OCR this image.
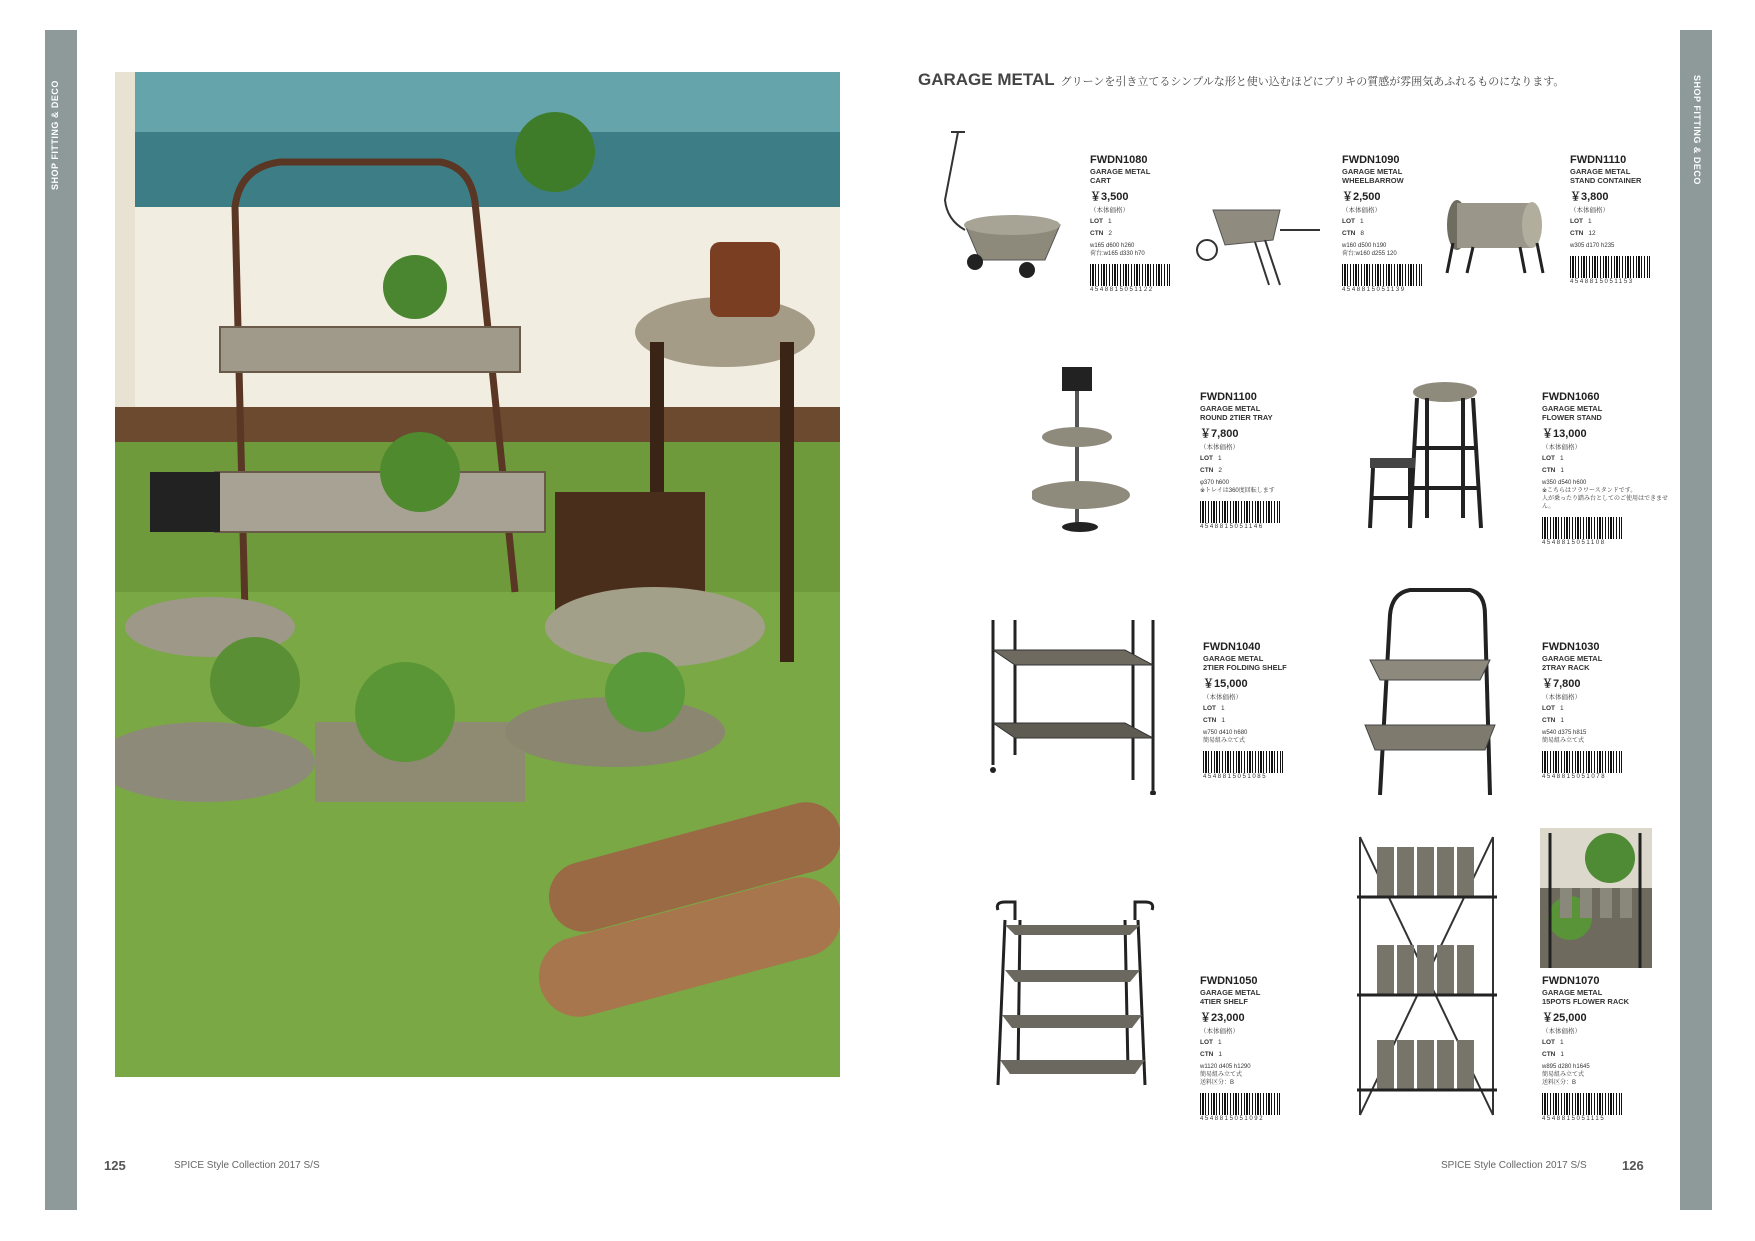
SHOP FITTING & DECO	SHOP FITTING & DECO
125	SPICE Style Collection 2017 S/S	SPICE Style Collection 2017 S/S	126
GARAGE METAL グリーンを引き立てるシンプルな形と使い込むほどにブリキの質感が雰囲気あふれるものになります。
FWDN1080
GARAGE METAL
CART
￥3,500
（本体価格）
LOT 1
CTN 2
w165 d600 h260
荷台:w165 d330 h70
4548815051122
FWDN1090
GARAGE METAL
WHEELBARROW
￥2,500
（本体価格）
LOT 1
CTN 8
w160 d500 h190
荷台:w160 d255 120
4548815051139
FWDN1110
GARAGE METAL
STAND CONTAINER
￥3,800
（本体価格）
LOT 1
CTN 12
w305 d170 h235
4548815051153
FWDN1100
GARAGE METAL
ROUND 2TIER TRAY
￥7,800
（本体価格）
LOT 1
CTN 2
φ370 h600
※トレイは360度回転します
4548815051146
FWDN1060
GARAGE METAL
FLOWER STAND
￥13,000
（本体価格）
LOT 1
CTN 1
w350 d540 h600
※こちらはフラワースタンドです。
人が乗ったり踏み台としてのご使用はできません。
4548815051108
FWDN1040
GARAGE METAL
2TIER FOLDING SHELF
￥15,000
（本体価格）
LOT 1
CTN 1
w750 d410 h680
簡易組み立て式
4548815051085
FWDN1030
GARAGE METAL
2TRAY RACK
￥7,800
（本体価格）
LOT 1
CTN 1
w540 d375 h815
簡易組み立て式
4548815051078
FWDN1050
GARAGE METAL
4TIER SHELF
￥23,000
（本体価格）
LOT 1
CTN 1
w1120 d405 h1290
簡易組み立て式
送料区分：B
4548815051092
FWDN1070
GARAGE METAL
15POTS FLOWER RACK
￥25,000
（本体価格）
LOT 1
CTN 1
w895 d280 h1645
簡易組み立て式
送料区分：B
4548815051115
